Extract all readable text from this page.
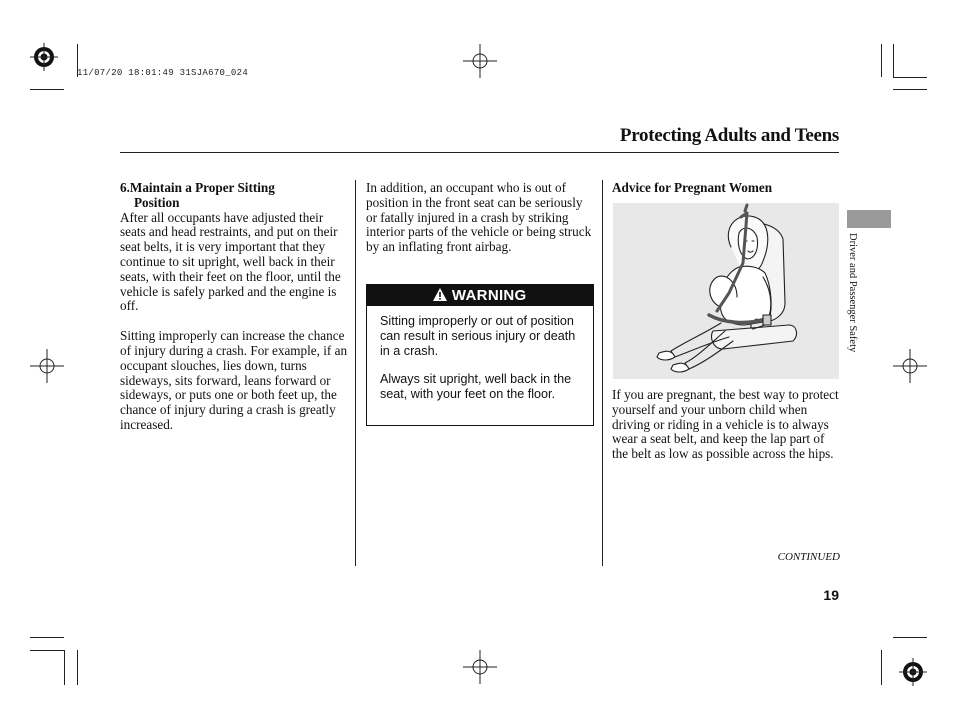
11/07/20 18:01:49 31SJA670_024
Protecting Adults and Teens
6.Maintain a Proper Sitting
Position

After all occupants have adjusted their seats and head restraints, and put on their seat belts, it is very important that they continue to sit upright, well back in their seats, with their feet on the floor, until the vehicle is safely parked and the engine is off.

Sitting improperly can increase the chance of injury during a crash. For example, if an occupant slouches, lies down, turns sideways, sits forward, leans forward or sideways, or puts one or both feet up, the chance of injury during a crash is greatly increased.

In addition, an occupant who is out of position in the front seat can be seriously or fatally injured in a crash by striking interior parts of the vehicle or being struck by an inflating front airbag.

WARNING

Sitting improperly or out of position can result in serious injury or death in a crash.

Always sit upright, well back in the seat, with your feet on the floor.

Advice for Pregnant Women

If you are pregnant, the best way to protect yourself and your unborn child when driving or riding in a vehicle is to always wear a seat belt, and keep the lap part of the belt as low as possible across the hips.

Driver and Passenger Safety
CONTINUED
19
